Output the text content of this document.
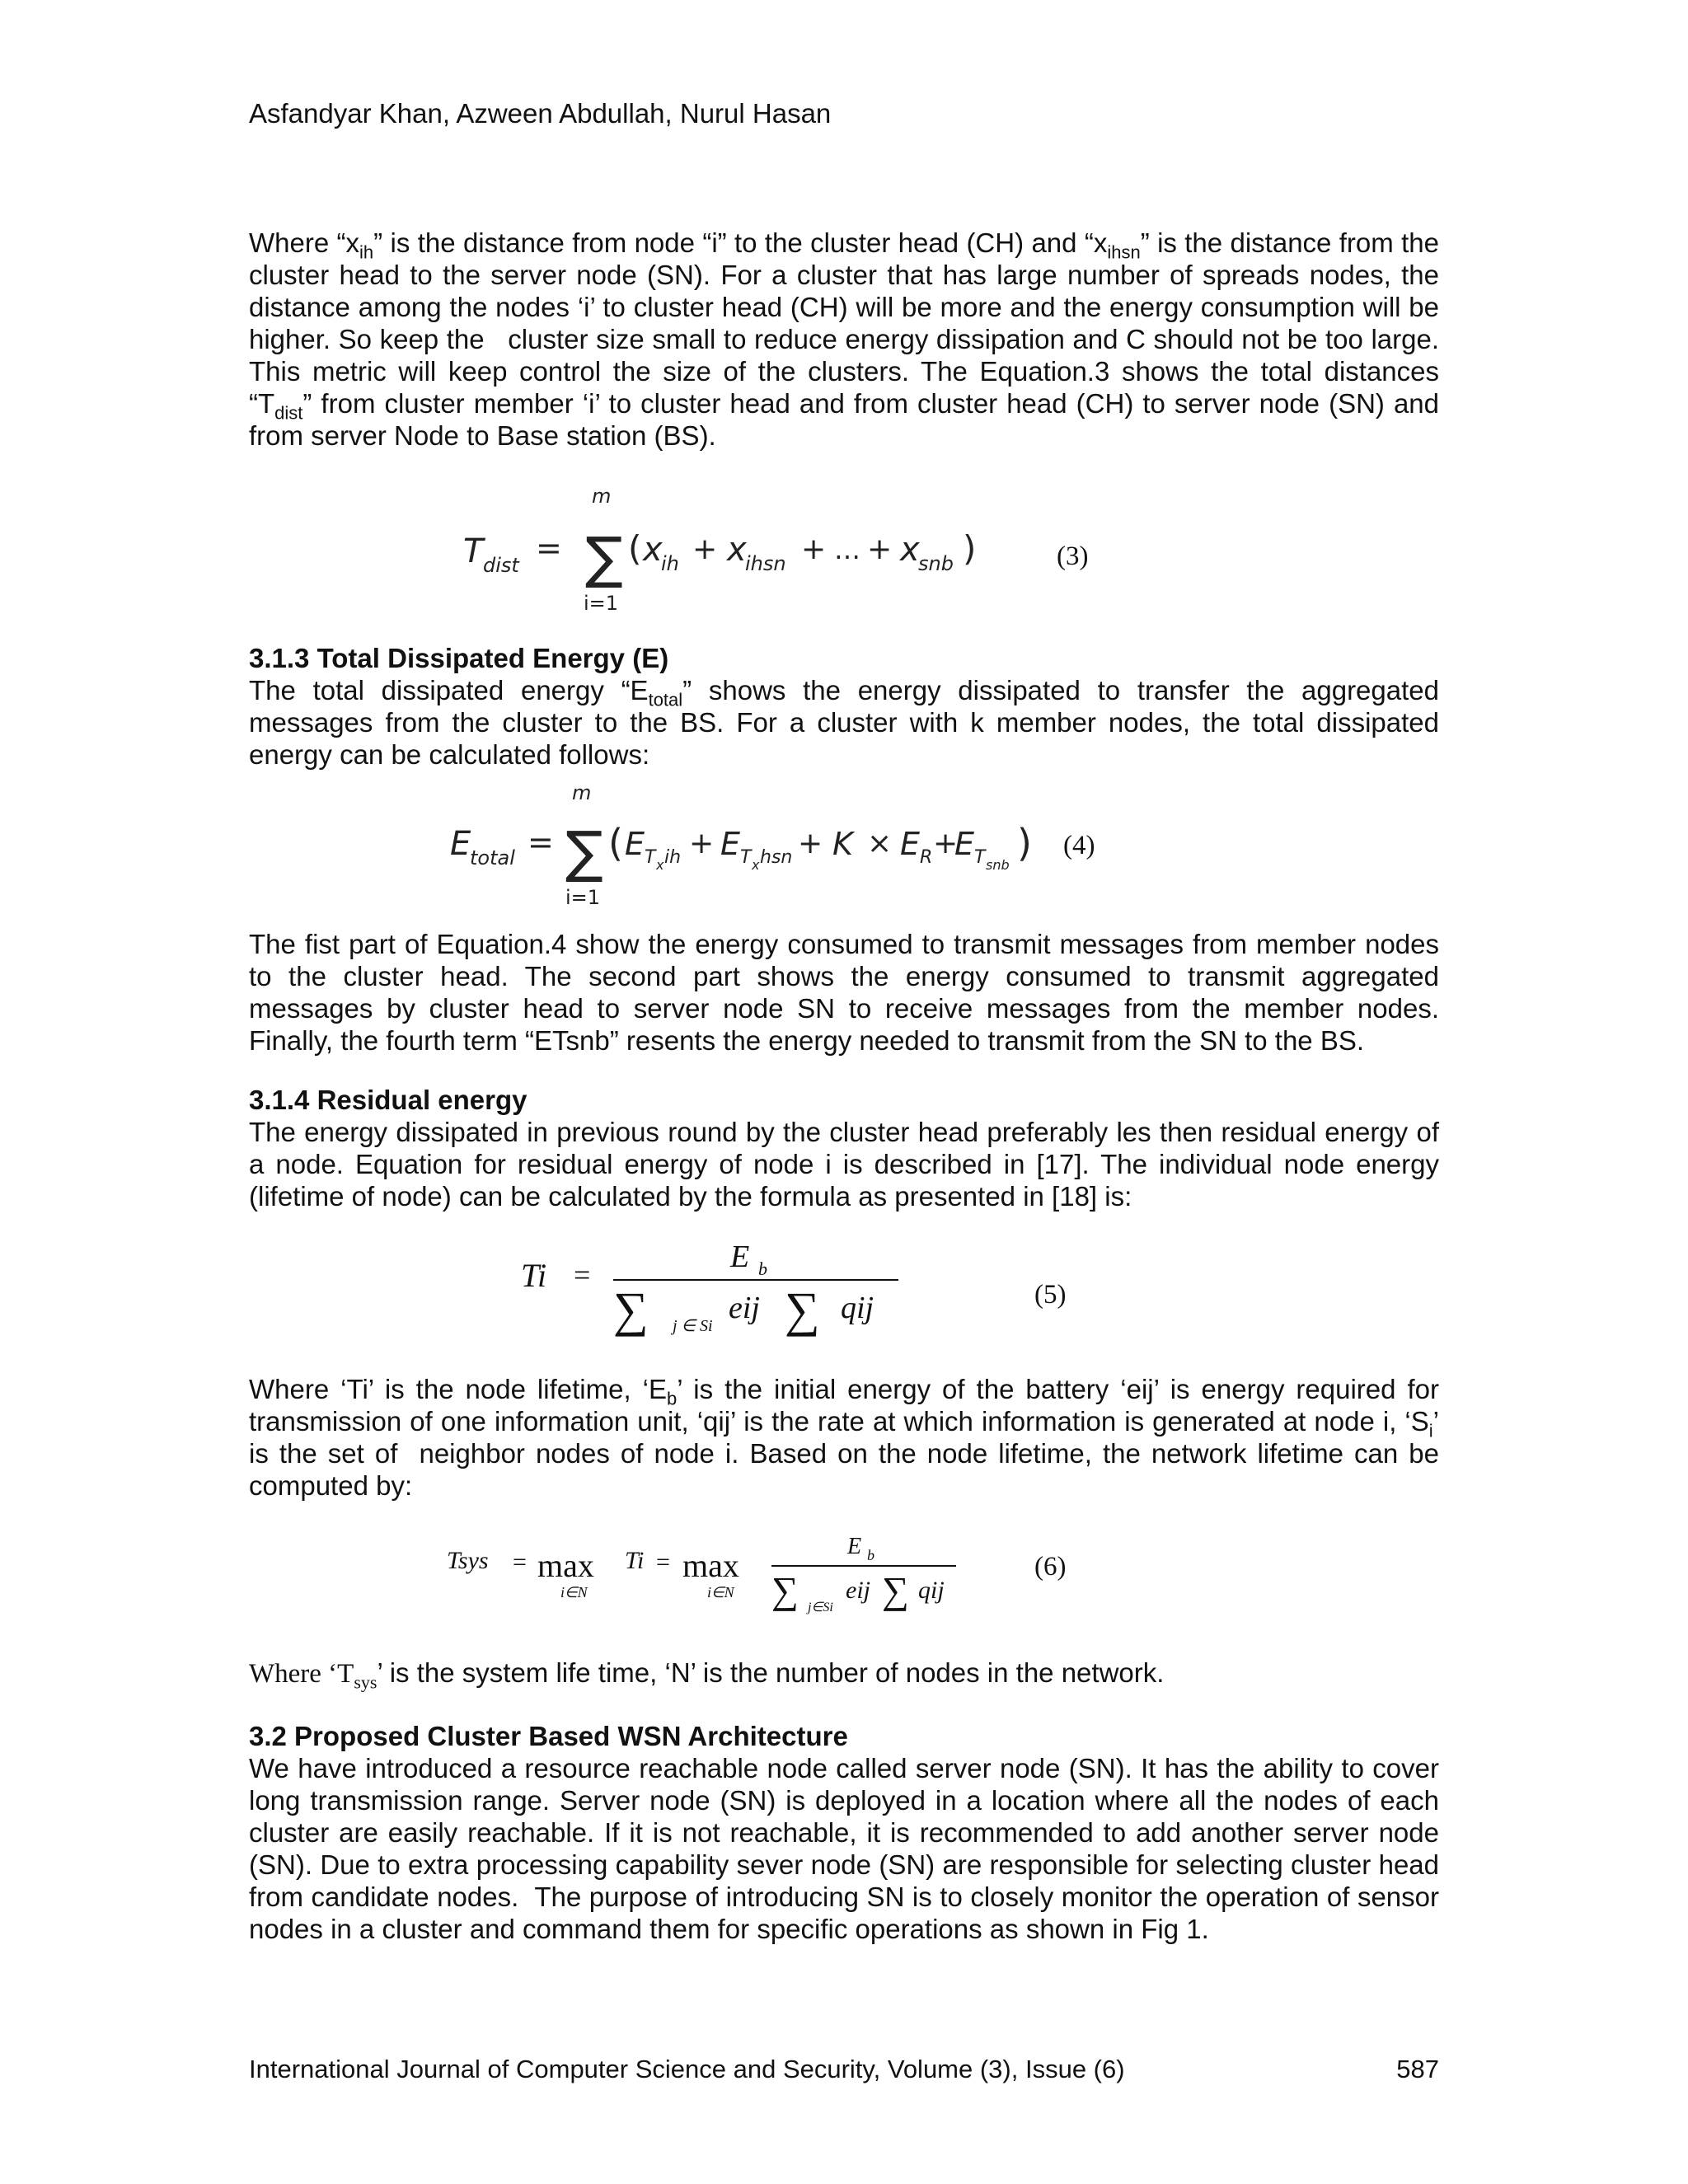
Asfandyar Khan, Azween Abdullah, Nurul Hasan

Where “$x_{ih}$” is the distance from node “i” to the cluster head (CH) and “$x_{ihsn}$” is the distance from the cluster head to the server node (SN). For a cluster that has large number of spreads nodes, the distance among the nodes ‘i’ to cluster head (CH) will be more and the energy consumption will be higher. So keep the   cluster size small to reduce energy dissipation and C should not be too large. This metric will keep control the size of the clusters. The Equation.3 shows the total distances “$T_{dist}$” from cluster member ‘i’ to cluster head and from cluster head (CH) to server node (SN) and from server Node to Base station (BS).

T dist =
m
∑
i=1
( x
ih + x
ihsn + … + x
snb )	(3)
3.1.3 Total Dissipated Energy (E)

The total dissipated energy “$E_{total}$” shows the energy dissipated to transfer the aggregated messages from the cluster to the BS. For a cluster with k member nodes, the total dissipated energy can be calculated follows:

E
total =
m
∑
i=1
( E T x ih + E T x hsn + K × E R +
E T snb ) (4)

The fist part of Equation.4 show the energy consumed to transmit messages from member nodes to the cluster head. The second part shows the energy consumed to transmit aggregated messages by cluster head to server node SN to receive messages from the member nodes. Finally, the fourth term “ETsnb” resents the energy needed to transmit from the SN to the BS.

3.1.4 Residual energy

The energy dissipated in previous round by the cluster head preferably les then residual energy of a node. Equation for residual energy of node i is described in [17]. The individual node energy (lifetime of node) can be calculated by the formula as presented in [18] is:

Ti =
E b
∑ j ∈ Si
eij ∑ qij	(5)

Where ‘Ti’ is the node lifetime, ‘$E_b$’ is the initial energy of the battery ‘eij’ is energy required for transmission of one information unit, ‘qij’ is the rate at which information is generated at node i, ‘$S_i$’ is the set of  neighbor nodes of node i. Based on the node lifetime, the network lifetime can be computed by:

Tsys = max
i∈N
Ti = max
i∈N
E b
∑ j∈Si
eij ∑ qij
(6)

Where ‘$T_{sys}$’ is the system life time, ‘N’ is the number of nodes in the network.

3.2 Proposed Cluster Based WSN Architecture

We have introduced a resource reachable node called server node (SN). It has the ability to cover long transmission range. Server node (SN) is deployed in a location where all the nodes of each cluster are easily reachable. If it is not reachable, it is recommended to add another server node (SN). Due to extra processing capability sever node (SN) are responsible for selecting cluster head from candidate nodes.  The purpose of introducing SN is to closely monitor the operation of sensor nodes in a cluster and command them for specific operations as shown in Fig 1.

International Journal of Computer Science and Security, Volume (3), Issue (6)	587
